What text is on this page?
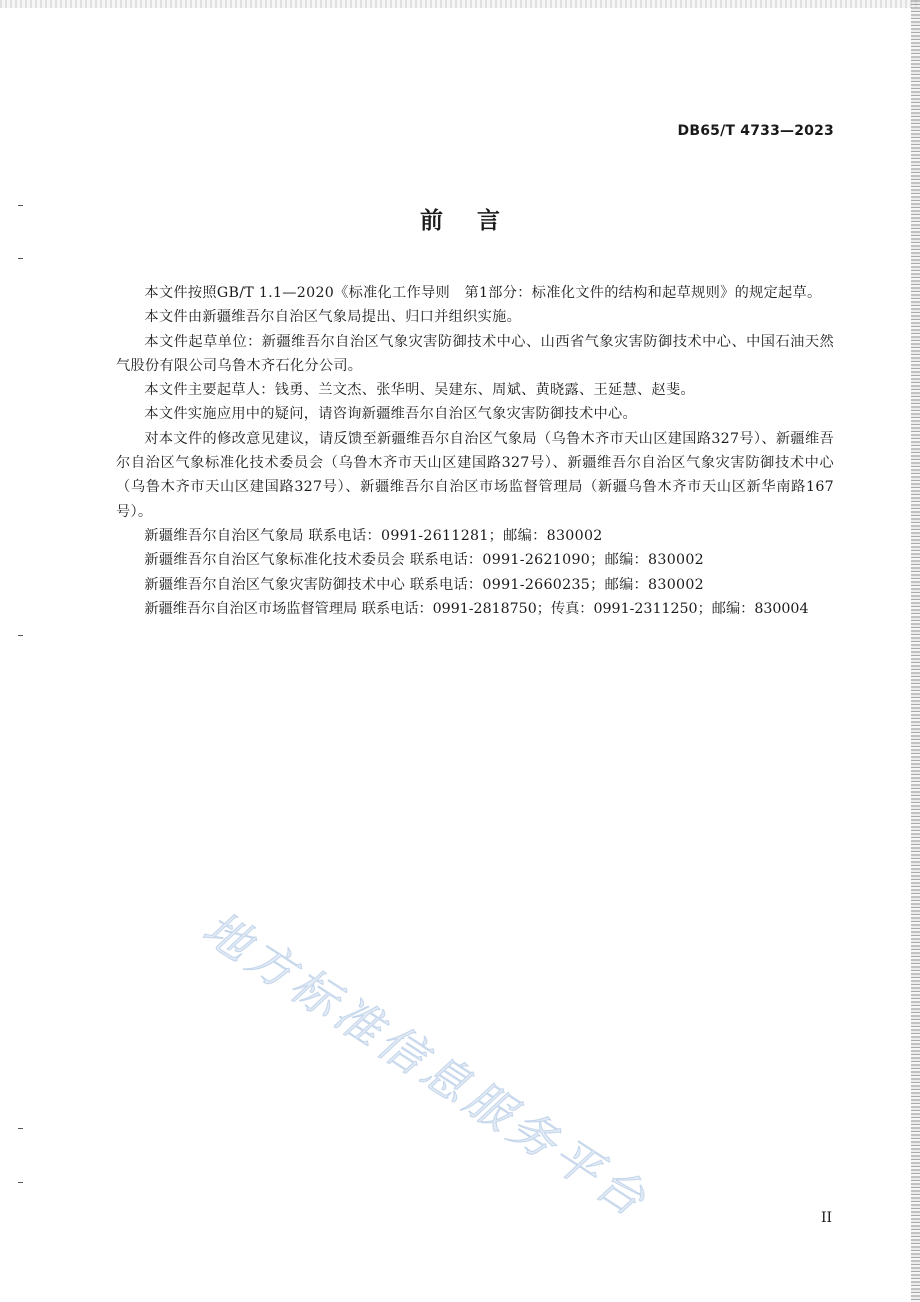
DB65/T 4733—2023
前言

本文件按照GB/T 1.1—2020《标准化工作导则　第1部分：标准化文件的结构和起草规则》的规定起草。

本文件由新疆维吾尔自治区气象局提出、归口并组织实施。

本文件起草单位：新疆维吾尔自治区气象灾害防御技术中心、山西省气象灾害防御技术中心、中国石油天然气股份有限公司乌鲁木齐石化分公司。

本文件主要起草人：钱勇、兰文杰、张华明、吴建东、周斌、黄晓露、王延慧、赵斐。

本文件实施应用中的疑问，请咨询新疆维吾尔自治区气象灾害防御技术中心。

对本文件的修改意见建议，请反馈至新疆维吾尔自治区气象局（乌鲁木齐市天山区建国路327号）、新疆维吾尔自治区气象标准化技术委员会（乌鲁木齐市天山区建国路327号）、新疆维吾尔自治区气象灾害防御技术中心（乌鲁木齐市天山区建国路327号）、新疆维吾尔自治区市场监督管理局（新疆乌鲁木齐市天山区新华南路167号）。

新疆维吾尔自治区气象局 联系电话：0991-2611281；邮编：830002

新疆维吾尔自治区气象标准化技术委员会 联系电话：0991-2621090；邮编：830002

新疆维吾尔自治区气象灾害防御技术中心 联系电话：0991-2660235；邮编：830002

新疆维吾尔自治区市场监督管理局 联系电话：0991-2818750；传真：0991-2311250；邮编：830004

地方标准信息服务平台	II
